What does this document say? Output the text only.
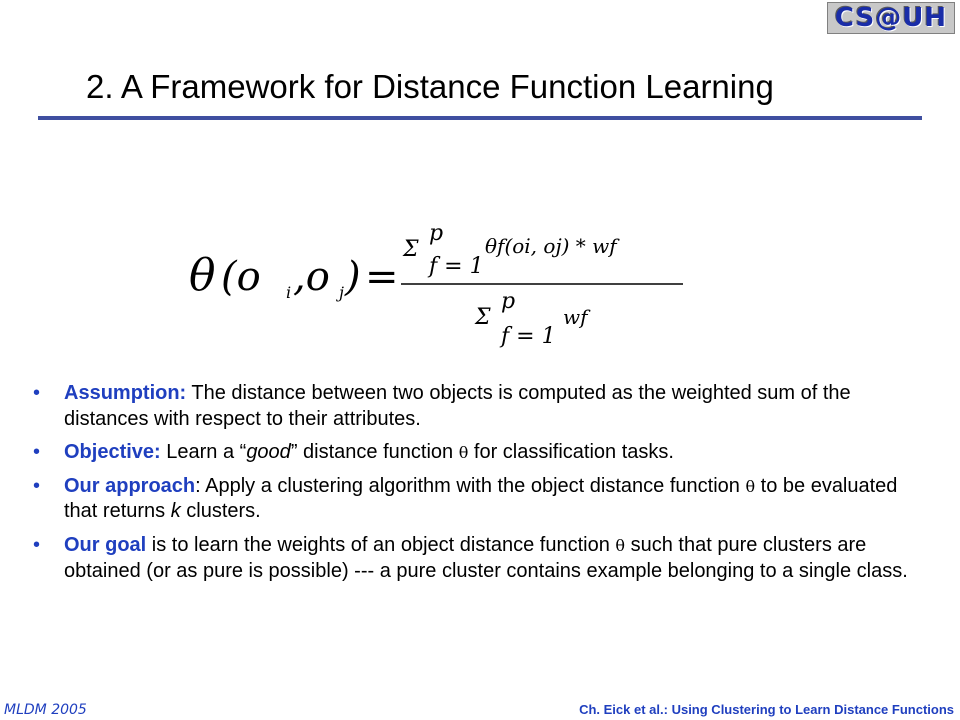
CS@UH
2. A Framework for Distance Function Learning
θ (o i ,o j ) =
Σ
p
f = 1
θf(oi, oj) * wf
Σ
p
f = 1
wf
• Assumption: The distance between two objects is computed as the weighted sum of the distances with respect to their attributes.
• Objective: Learn a “good” distance function θ for classification tasks.
• Our approach: Apply a clustering algorithm with the object distance function θ to be evaluated that returns k clusters.
• Our goal is to learn the weights of an object distance function θ such that pure clusters are obtained (or as pure is possible) --- a pure cluster contains example belonging to a single class.
MLDM 2005	Ch. Eick et al.: Using Clustering to Learn Distance Functions
